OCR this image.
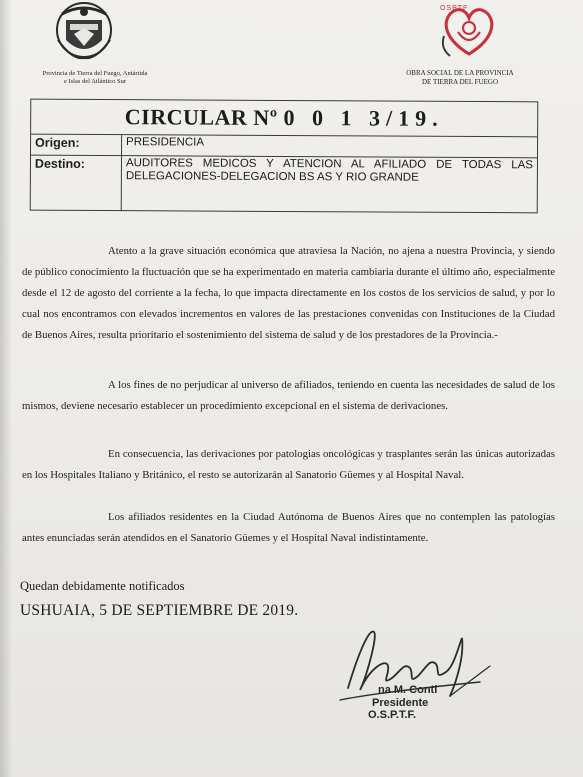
Provincia de Tierra del Fuego, Antártida
e Islas del Atlántico Sur
OSPTF
OBRA SOCIAL DE LA PROVINCIA
DE TIERRA DEL FUEGO
CIRCULAR Nº 0 0 1 3/19.
Origen:	PRESIDENCIA
Destino:	AUDITORES MEDICOS Y ATENCION AL AFILIADO DE TODAS LAS DELEGACIONES-DELEGACION BS AS Y RIO GRANDE
Atento a la grave situación económica que atraviesa la Nación, no ajena a nuestra Provincia, y siendo de público conocimiento la fluctuación que se ha experimentado en materia cambiaria durante el último año, especialmente desde el 12 de agosto del corriente a la fecha, lo que impacta directamente en los costos de los servicios de salud, y por lo cual nos encontramos con elevados incrementos en valores de las prestaciones convenidas con Instituciones de la Ciudad de Buenos Aires, resulta prioritario el sostenimiento del sistema de salud y de los prestadores de la Provincia.-
A los fines de no perjudicar al universo de afiliados, teniendo en cuenta las necesidades de salud de los mismos, deviene necesario establecer un procedimiento excepcional en el sistema de derivaciones.
En consecuencia, las derivaciones por patologias oncológicas y trasplantes serán las únicas autorizadas en los Hospitales Italiano y Británico, el resto se autorizarán al Sanatorio Güemes y al Hospital Naval.
Los afiliados residentes en la Ciudad Autónoma de Buenos Aires que no contemplen las patologías antes enunciadas serán atendidos en el Sanatorio Güemes y el Hospital Naval indistintamente.
Quedan debidamente notificados
USHUAIA, 5 DE SEPTIEMBRE DE 2019.
na M. Conti
Presidente
O.S.P.T.F.
